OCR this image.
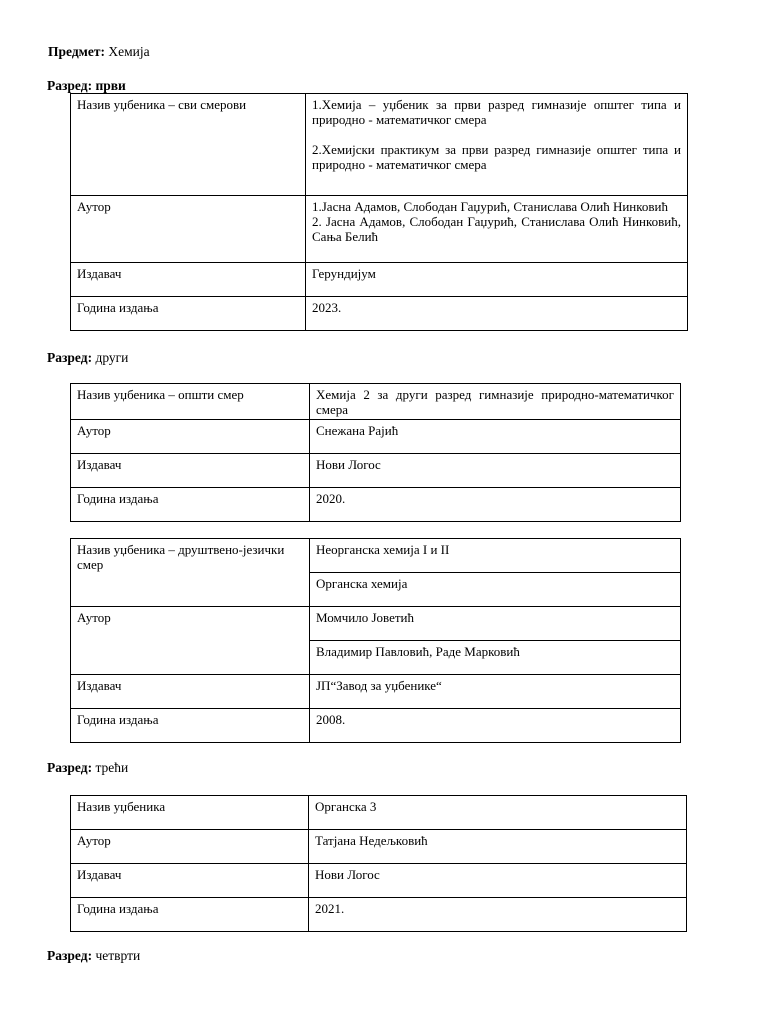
Предмет: Хемија
Разред: први
Назив уџбеника – сви смерови	1.Хемија – уџбеник за први разред гимназије општег типа и природно - математичког смера
2.Хемијски практикум за први разред гимназије општег типа и природно - математичког смера

Аутор	1.Јасна Адамов, Слободан Гаџурић, Станислава Олић Нинковић
2. Јасна Адамов, Слободан Гаџурић, Станислава Олић Нинковић, Сања Белић

Издавач	Герундијум
Година издања	2023.
Разред: други
Назив уџбеника – општи смер	Хемија 2 за други разред гимназије природно-математичког смера
Аутор	Снежана Рајић
Издавач	Нови Логос
Година издања	2020.
Назив уџбеника – друштвено-језички смер	Неорганска хемија I и II
	Органска хемија
Аутор	Момчило Јоветић
	Владимир Павловић, Раде Марковић
Издавач	ЈП“Завод за уџбенике“
Година издања	2008.
Разред: трећи
Назив уџбеника	Органска 3
Аутор	Татјана Недељковић
Издавач	Нови Логос
Година издања	2021.
Разред: четврти
